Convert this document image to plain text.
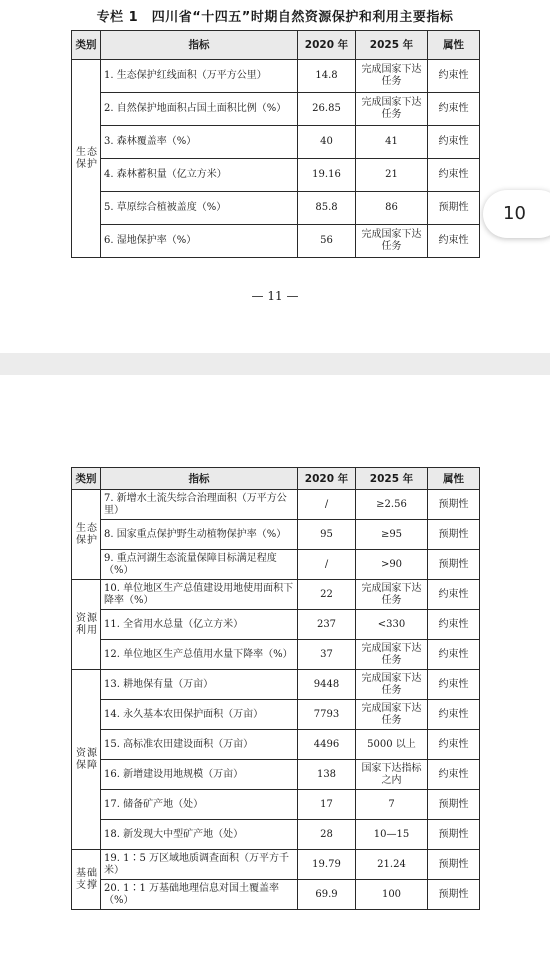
专栏 1　四川省“十四五”时期自然资源保护和利用主要指标
类别	指标	2020 年	2025 年	属性

生态保护	1. 生态保护红线面积（万平方公里）	14.8	完成国家下达任务	约束性
	2. 自然保护地面积占国土面积比例（%）	26.85	完成国家下达任务	约束性
	3. 森林覆盖率（%）	40	41	约束性
	4. 森林蓄积量（亿立方米）	19.16	21	约束性
	5. 草原综合植被盖度（%）	85.8	86	预期性
	6. 湿地保护率（%）	56	完成国家下达任务	约束性
— 11 —
类别	指标	2020 年	2025 年	属性

生态保护	7. 新增水土流失综合治理面积（万平方公里）	/	≥2.56	预期性
	8. 国家重点保护野生动植物保护率（%）	95	≥95	预期性
	9. 重点河湖生态流量保障目标满足程度（%）	/	>90	预期性

资源利用	10. 单位地区生产总值建设用地使用面积下降率（%）	22	完成国家下达任务	约束性
	11. 全省用水总量（亿立方米）	237	<330	约束性
	12. 单位地区生产总值用水量下降率（%）	37	完成国家下达任务	约束性

资源保障	13. 耕地保有量（万亩）	9448	完成国家下达任务	约束性
	14. 永久基本农田保护面积（万亩）	7793	完成国家下达任务	约束性
	15. 高标准农田建设面积（万亩）	4496	5000 以上	约束性
	16. 新增建设用地规模（万亩）	138	国家下达指标之内	约束性
	17. 储备矿产地（处）	17	7	预期性
	18. 新发现大中型矿产地（处）	28	10—15	预期性

基础支撑	19. 1∶5 万区域地质调查面积（万平方千米）	19.79	21.24	预期性
	20. 1∶1 万基础地理信息对国土覆盖率（%）	69.9	100	预期性
10
